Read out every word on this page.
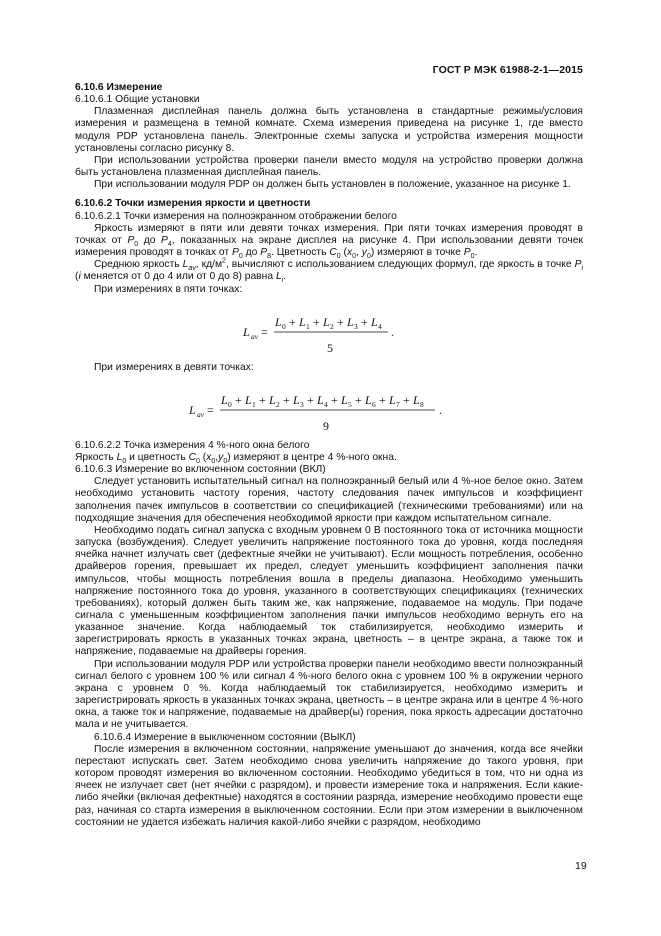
ГОСТ Р МЭК 61988-2-1—2015

6.10.6 Измерение

6.10.6.1 Общие установки

Плазменная дисплейная панель должна быть установлена в стандартные режимы/условия измерения и размещена в темной комнате. Схема измерения приведена на рисунке 1, где вместо модуля PDP установлена панель. Электронные схемы запуска и устройства измерения мощности установлены согласно рисунку 8.

При использовании устройства проверки панели вместо модуля на устройство проверки должна быть установлена плазменная дисплейная панель.

При использовании модуля PDP он должен быть установлен в положение, указанное на рисунке 1.

6.10.6.2 Точки измерения яркости и цветности

6.10.6.2.1 Точки измерения на полноэкранном отображении белого

Яркость измеряют в пяти или девяти точках измерения. При пяти точках измерения проводят в точках от $P_0$ до $P_4$, показанных на экране дисплея на рисунке 4. При использовании девяти точек измерения проводят в точках от $P_0$ до $P_8$. Цветность $C_0$ ($x_0$, $y_0$) измеряют в точке $P_0$.

Среднюю яркость $L_{av}$, $кд/м^2$, вычисляют с использованием следующих формул, где яркость в точке $P_i$ (i меняется от 0 до 4 или от 0 до 8) равна $L_i$.

При измерениях в пяти точках:

L av =
L 0 + L 1 + L 2 + L 3 + L 4
5
.

При измерениях в девяти точках:

L av =
L 0 + L 1 + L 2 + L 3 + L 4 + L 5 + L 6 + L 7 + L 8
9
.

6.10.6.2.2 Точка измерения 4 %-ного окна белого

Яркость $L_0$ и цветность $C_0$ $(x_0,y_0)$ измеряют в центре 4 %-ного окна.

6.10.6.3 Измерение во включенном состоянии (ВКЛ)

Следует установить испытательный сигнал на полноэкранный белый или 4 %-ное белое окно. Затем необходимо установить частоту горения, частоту следования пачек импульсов и коэффициент заполнения пачек импульсов в соответствии со спецификацией (техническими требованиями) или на подходящие значения для обеспечения необходимой яркости при каждом испытательном сигнале.

Необходимо подать сигнал запуска с входным уровнем 0 В постоянного тока от источника мощности запуска (возбуждения). Следует увеличить напряжение постоянного тока до уровня, когда последняя ячейка начнет излучать свет (дефектные ячейки не учитывают). Если мощность потребления, особенно драйверов горения, превышает их предел, следует уменьшить коэффициент заполнения пачки импульсов, чтобы мощность потребления вошла в пределы диапазона. Необходимо уменьшить напряжение постоянного тока до уровня, указанного в соответствующих спецификациях (технических требованиях), который должен быть таким же, как напряжение, подаваемое на модуль. При подаче сигнала с уменьшенным коэффициентом заполнения пачки импульсов необходимо вернуть его на указанное значение. Когда наблюдаемый ток стабилизируется, необходимо измерить и зарегистрировать яркость в указанных точках экрана, цветность – в центре экрана, а также ток и напряжение, подаваемые на драйверы горения.

При использовании модуля PDP или устройства проверки панели необходимо ввести полноэкранный сигнал белого с уровнем 100 % или сигнал 4 %-ного белого окна с уровнем 100 % в окружении черного экрана с уровнем 0 %. Когда наблюдаемый ток стабилизируется, необходимо измерить и зарегистрировать яркость в указанных точках экрана, цветность – в центре экрана или в центре 4 %-ного окна, а также ток и напряжение, подаваемые на драйвер(ы) горения, пока яркость адресации достаточно мала и не учитывается.

6.10.6.4 Измерение в выключенном состоянии (ВЫКЛ)

После измерения в включенном состоянии, напряжение уменьшают до значения, когда все ячейки перестают испускать свет. Затем необходимо снова увеличить напряжение до такого уровня, при котором проводят измерения во включенном состоянии. Необходимо убедиться в том, что ни одна из ячеек не излучает свет (нет ячейки с разрядом), и провести измерение тока и напряжения. Если какие-либо ячейки (включая дефектные) находятся в состоянии разряда, измерение необходимо провести еще раз, начиная со старта измерения в выключенном состоянии. Если при этом измерении в выключенном состоянии не удается избежать наличия какой-либо ячейки с разрядом, необходимо

19
